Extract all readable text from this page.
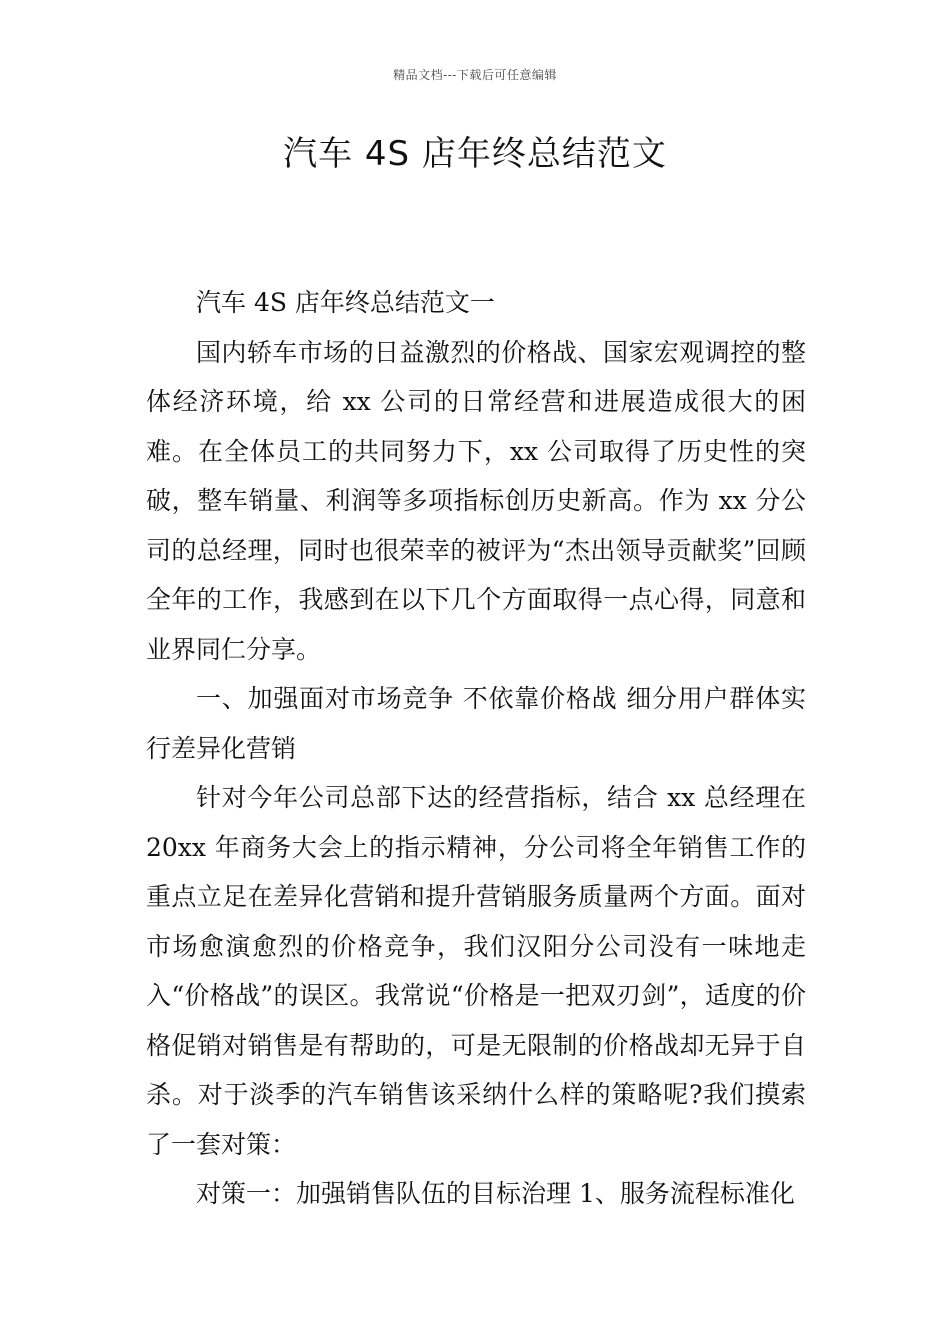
精品文档---下载后可任意编辑
汽车 4S 店年终总结范文

汽车 4S 店年终总结范文一

国内轿车市场的日益激烈的价格战、国家宏观调控的整体经济环境，给 xx 公司的日常经营和进展造成很大的困难。在全体员工的共同努力下，xx 公司取得了历史性的突破，整车销量、利润等多项指标创历史新高。作为 xx 分公司的总经理，同时也很荣幸的被评为“杰出领导贡献奖”回顾全年的工作，我感到在以下几个方面取得一点心得，同意和业界同仁分享。

一、加强面对市场竞争 不依靠价格战 细分用户群体实行差异化营销

针对今年公司总部下达的经营指标，结合 xx 总经理在 20xx 年商务大会上的指示精神，分公司将全年销售工作的重点立足在差异化营销和提升营销服务质量两个方面。面对市场愈演愈烈的价格竞争，我们汉阳分公司没有一味地走入“价格战”的误区。我常说“价格是一把双刃剑”，适度的价格促销对销售是有帮助的，可是无限制的价格战却无异于自杀。对于淡季的汽车销售该采纳什么样的策略呢?我们摸索了一套对策：

对策一：加强销售队伍的目标治理 1、服务流程标准化
